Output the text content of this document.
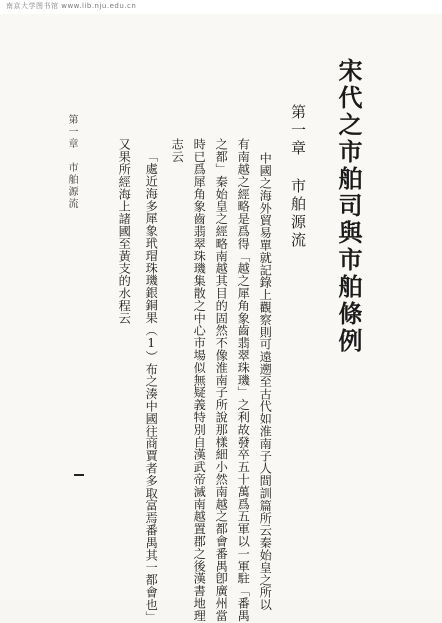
南京大学图书馆 www.lib.nju.edu.cn
宋代之市舶司與市舶條例
第一章市舶源流
中國之海外貿易單就記錄上觀察則可遠遡至古代如淮南子人間訓篇所云秦始皇之所以
有南越之經略是爲得「越之犀角象齒翡翠珠璣」之利故發卒五十萬爲五軍以一軍駐「番禺
之都」秦始皇之經略南越其目的固然不像淮南子所說那樣細小然南越之都會番禺卽廣州當
時已爲犀角象齒翡翠珠璣集散之中心市場似無疑義特別自漢武帝滅南越置郡之後漢書地理
志云
「處近海多犀象玳瑁珠璣銀銅果（1）布之湊中國往商賈者多取富焉番禺其一都會也」
又果所經海上諸國至黃支的水程云
第一章　市舶源流
